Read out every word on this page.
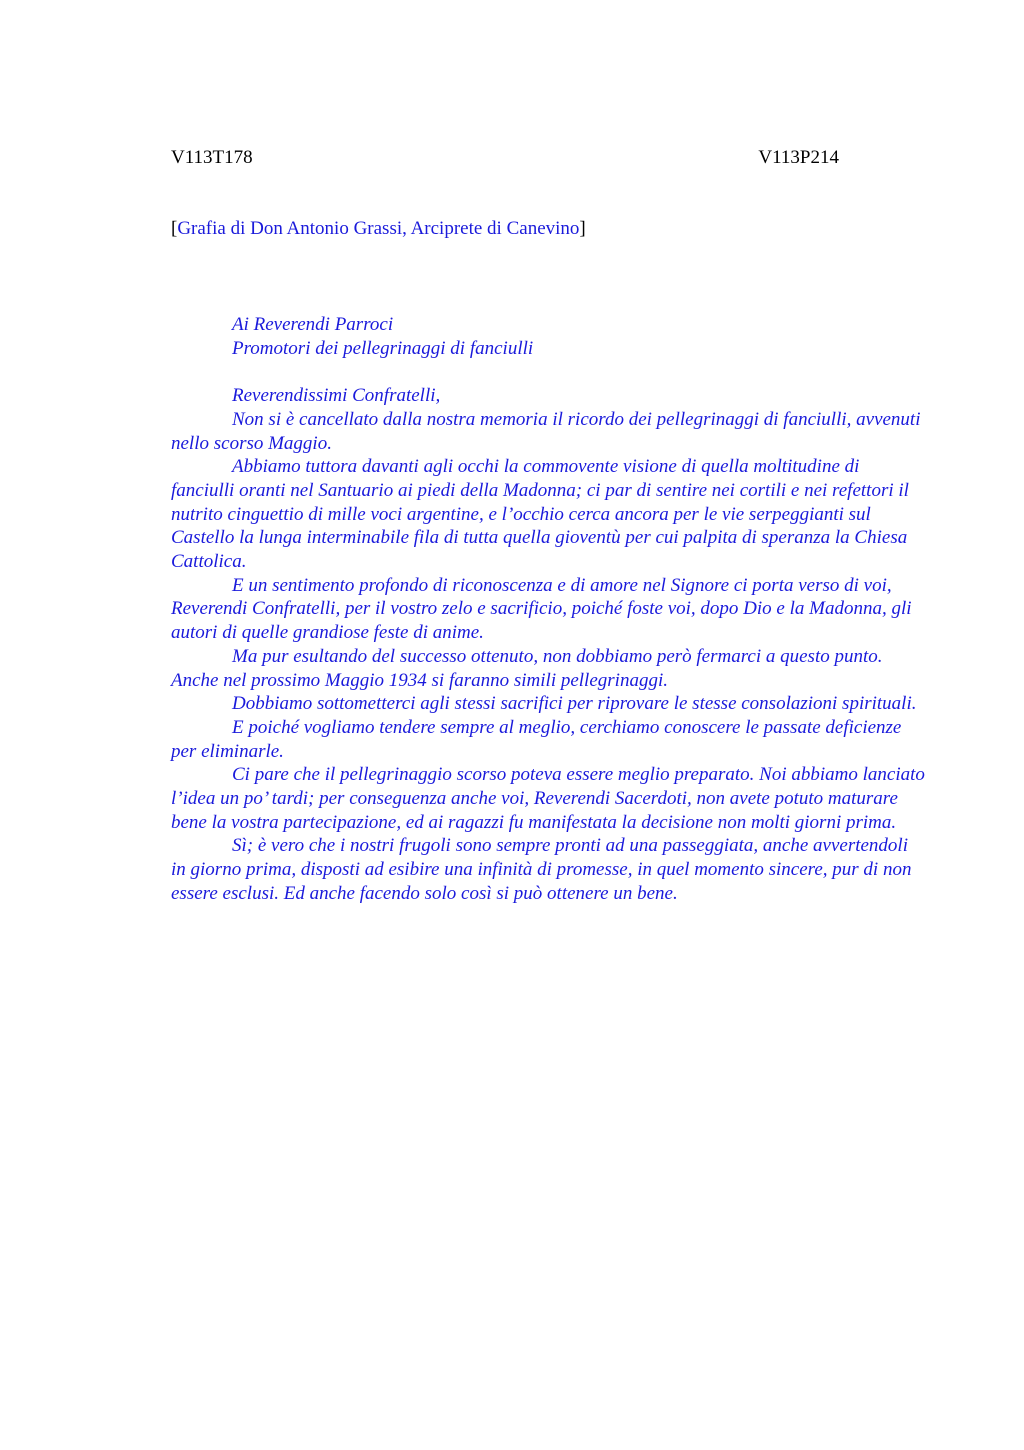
V113T178	V113P214
[Grafia di Don Antonio Grassi, Arciprete di Canevino]
Ai Reverendi Parroci
Promotori dei pellegrinaggi di fanciulli
Reverendissimi Confratelli,

Non si è cancellato dalla nostra memoria il ricordo dei pellegrinaggi di fanciulli, avvenuti nello scorso Maggio.

Abbiamo tuttora davanti agli occhi la commovente visione di quella moltitudine di fanciulli oranti nel Santuario ai piedi della Madonna; ci par di sentire nei cortili e nei refettori il nutrito cinguettio di mille voci argentine, e l’occhio cerca ancora per le vie serpeggianti sul Castello la lunga interminabile fila di tutta quella gioventù per cui palpita di speranza la Chiesa Cattolica.

E un sentimento profondo di riconoscenza e di amore nel Signore ci porta verso di voi, Reverendi Confratelli, per il vostro zelo e sacrificio, poiché foste voi, dopo Dio e la Madonna, gli autori di quelle grandiose feste di anime.

Ma pur esultando del successo ottenuto, non dobbiamo però fermarci a questo punto. Anche nel prossimo Maggio 1934 si faranno simili pellegrinaggi.

Dobbiamo sottometterci agli stessi sacrifici per riprovare le stesse consolazioni spirituali.

E poiché vogliamo tendere sempre al meglio, cerchiamo conoscere le passate deficienze per eliminarle.

Ci pare che il pellegrinaggio scorso poteva essere meglio preparato. Noi abbiamo lanciato l’idea un po’ tardi; per conseguenza anche voi, Reverendi Sacerdoti, non avete potuto maturare bene la vostra partecipazione, ed ai ragazzi fu manifestata la decisione non molti giorni prima.

Sì; è vero che i nostri frugoli sono sempre pronti ad una passeggiata, anche avvertendoli in giorno prima, disposti ad esibire una infinità di promesse, in quel momento sincere, pur di non essere esclusi. Ed anche facendo solo così si può ottenere un bene.
